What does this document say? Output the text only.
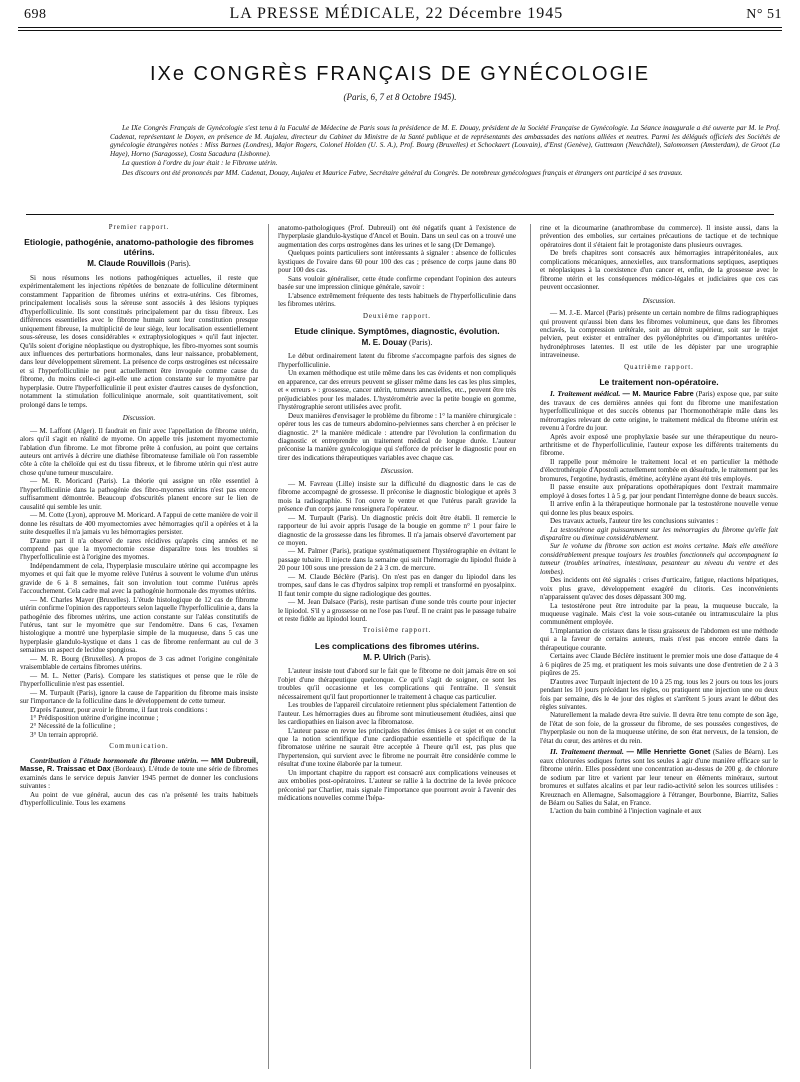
698	LA PRESSE MÉDICALE, 22 Décembre 1945	N° 51
IXe CONGRÈS FRANÇAIS DE GYNÉCOLOGIE
(Paris, 6, 7 et 8 Octobre 1945).

Le IXe Congrès Français de Gynécologie s'est tenu à la Faculté de Médecine de Paris sous la présidence de M. E. Douay, président de la Société Française de Gynécologie. La Séance inaugurale a été ouverte par M. le Prof. Cadenat, représentant le Doyen, en présence de M. Aujaleu, directeur du Cabinet du Ministre de la Santé publique et de représentants des ambassades des nations alliées et neutres. Parmi les délégués officiels des Sociétés de gynécologie étrangères notées : Miss Barnes (Londres), Major Rogers, Colonel Holden (U. S. A.), Prof. Bourg (Bruxelles) et Schockaert (Louvain), d'Enst (Genève), Guttmann (Neuchâtel), Salomonsen (Amsterdam), de Groot (La Haye), Horno (Saragosse), Costa Sacadura (Lisbonne).

La question à l'ordre du jour était : le Fibrome utérin.

Des discours ont été prononcés par MM. Cadenat, Douay, Aujaleu et Maurice Fabre, Secrétaire général du Congrès. De nombreux gynécologues français et étrangers ont participé à ses travaux.

Premier rapport.
Etiologie, pathogénie, anatomo-pathologie des fibromes utérins.
M. Claude Rouvillois (Paris).

Si nous résumons les notions pathogéniques actuelles, il reste que expérimentalement les injections répétées de benzoate de folliculine déterminent constamment l'apparition de fibromes utérins et extra-utérins. Ces fibromes, principalement localisés sous la séreuse sont associés à des lésions typiques d'hyperfolliculinie. Ils sont constitués principalement par du tissu fibreux. Les différences essentielles avec le fibrome humain sont leur constitution presque uniquement fibreuse, la multiplicité de leur siège, leur localisation essentiellement sous-séreuse, les doses considérables « extraphysiologiques » qu'il faut injecter. Qu'ils soient d'origine néoplastique ou dystrophique, les fibro-myomes sont soumis aux influences des perturbations hormonales, dans leur naissance, probablement, dans leur développement sûrement. La présence de corps œstrogènes est nécessaire et si l'hyperfolliculinie ne peut actuellement être invoquée comme cause du fibrome, du moins celle-ci agit-elle une action constante sur le myomètre par hyperplasie. Outre l'hyperfolliculinie il peut exister d'autres causes de dysfonction, notamment la stimulation folliculinique anormale, soit quantitativement, soit prolongé dans le temps.

Discussion.

— M. Laffont (Alger). Il faudrait en finir avec l'appellation de fibrome utérin, alors qu'il s'agit en réalité de myome. On appelle très justement myomectomie l'ablation d'un fibrome. Le mot fibrome prête à confusion, au point que certains auteurs ont arrivés à décrire une diathèse fibromateuse familiale où l'on rassemble côte à côte la chéloïde qui est du tissu fibreux, et le fibrome utérin qui n'est autre chose qu'une tumeur musculaire.

— M. R. Moricard (Paris). La théorie qui assigne un rôle essentiel à l'hyperfolliculinie dans la pathogénie des fibro-myomes utérins n'est pas encore suffisamment démontrée. Beaucoup d'obscurités planent encore sur le lien de causalité qui semble les unir.

— M. Cotte (Lyon), approuve M. Moricard. A l'appui de cette manière de voir il donne les résultats de 400 myomectomies avec hémorragies qu'il a opérées et à la suite desquelles il n'a jamais vu les hémorragies persister.

D'autre part il n'a observé de rares récidives qu'après cinq années et ne comprend pas que la myomectomie cesse disparaître tous les troubles si l'hyperfolliculinie est à l'origine des myomes.

Indépendamment de cela, l'hyperplasie musculaire utérine qui accompagne les myomes et qui fait que le myome relève l'utérus à souvent le volume d'un utérus gravide de 6 à 8 semaines, fait son involution tout comme l'utérus après l'accouchement. Cela cadre mal avec la pathogénie hormonale des myomes utérins.

— M. Charles Mayer (Bruxelles). L'étude histologique de 12 cas de fibrome utérin confirme l'opinion des rapporteurs selon laquelle l'hyperfolliculinie a, dans la pathogénie des fibromes utérins, une action constante sur l'aléas constitutifs de l'utérus, tant sur le myomètre que sur l'endomètre. Dans 6 cas, l'examen histologique a montré une hyperplasie simple de la muqueuse, dans 5 cas une hyperplasie glandulo-kystique et dans 1 cas de fibrome renfermant au cul de 3 semaines un aspect de lecidue spongiosa.

— M. R. Bourg (Bruxelles). A propos de 3 cas admet l'origine congénitale vraisemblable de certains fibromes utérins.

— M. L. Netter (Paris). Compare les statistiques et pense que le rôle de l'hyperfolliculinie n'est pas essentiel.

— M. Turpault (Paris), ignore la cause de l'apparition du fibrome mais insiste sur l'importance de la folliculine dans le développement de cette tumeur.

D'après l'auteur, pour avoir le fibrome, il faut trois conditions :

1° Prédisposition utérine d'origine inconnue ;

2° Nécessité de la folliculine ;

3° Un terrain approprié.

Communication.

Contribution à l'étude hormonale du fibrome utérin. — MM Dubreuil, Masse, R. Traissac et Dax (Bordeaux). L'étude de toute une série de fibromes examinés dans le service depuis Janvier 1945 permet de donner les conclusions suivantes :

Au point de vue général, aucun des cas n'a présenté les traits habituels d'hyperfolliculinie. Tous les examens

anatomo-pathologiques (Prof. Dubreuil) ont été négatifs quant à l'existence de l'hyperplasie glandulo-kystique d'Ancel et Bouin. Dans un seul cas on a trouvé une augmentation des corps œstrogènes dans les urines et le sang (Dr Demange).

Quelques points particuliers sont intéressants à signaler : absence de follicules kystiques de l'ovaire dans 60 pour 100 des cas ; présence de corps jaune dans 80 pour 100 des cas.

Sans vouloir généraliser, cette étude confirme cependant l'opinion des auteurs basée sur une impression clinique générale, savoir :

L'absence extrêmement fréquente des tests habituels de l'hyperfolliculinie dans les fibromes utérins.

Deuxième rapport.
Etude clinique. Symptômes, diagnostic, évolution.
M. E. Douay (Paris).

Le début ordinairement latent du fibrome s'accompagne parfois des signes de l'hyperfolliculinie.

Un examen méthodique est utile même dans les cas évidents et non compliqués en apparence, car des erreurs peuvent se glisser même dans les cas les plus simples, et « erreurs » : grossesse, cancer utérin, tumeurs annexielles, etc., peuvent être très préjudiciables pour les malades. L'hystérométrie avec la petite bougie en gomme, l'hystérographie seront utilisées avec profit.

Deux manières d'envisager le problème du fibrome : 1° la manière chirurgicale : opérer tous les cas de tumeurs abdomino-pelviennes sans chercher à en préciser le diagnostic. 2° la manière médicale : attendre par l'évolution la confirmation du diagnostic et entreprendre un traitement médical de longue durée. L'auteur préconise la manière gynécologique qui s'efforce de préciser le diagnostic pour en tirer des indications thérapeutiques variables avec chaque cas.

Discussion.

— M. Favreau (Lille) insiste sur la difficulté du diagnostic dans le cas de fibrome accompagné de grossesse. Il préconise le diagnostic biologique et après 3 mois la radiographie. Si l'on ouvre le ventre et que l'utérus paraît gravide la présence d'un corps jaune renseignera l'opérateur.

— M. Turpault (Paris). Un diagnostic précis doit être établi. Il remercie le rapporteur de lui avoir appris l'usage de la bougie en gomme n° 1 pour faire le diagnostic de la grossesse dans les fibromes. Il n'a jamais observé d'avortement par ce moyen.

— M. Palmer (Paris), pratique systématiquement l'hystérographie en évitant le passage tubaire. Il injecte dans la semaine qui suit l'hémorragie du lipiodol fluide à 20 pour 100 sous une pression de 2 à 3 cm. de mercure.

— M. Claude Béclère (Paris). On n'est pas en danger du lipiodol dans les trompes, sauf dans le cas d'hydros salpinx trop rempli et transformé en pyosalpinx. Il faut tenir compte du signe radiologique des gouttes.

— M. Jean Dalsace (Paris), reste partisan d'une sonde très courte pour injecter le lipiodol. S'il y a grossesse on ne l'ose pas l'œuf. Il ne craint pas le passage tubaire et reste fidèle au lipiodol lourd.

Troisième rapport.
Les complications des fibromes utérins.
M. P. Ulrich (Paris).

L'auteur insiste tout d'abord sur le fait que le fibrome ne doit jamais être en soi l'objet d'une thérapeutique quelconque. Ce qu'il s'agit de soigner, ce sont les troubles qu'il occasionne et les complications qui l'entraîne. Il s'ensuit nécessairement qu'il faut proportionner le traitement à chaque cas particulier.

Les troubles de l'appareil circulatoire retiennent plus spécialement l'attention de l'auteur. Les hémorragies dues au fibrome sont minutieusement étudiées, ainsi que les cardiopathies en liaison avec la fibromatose.

L'auteur passe en revue les principales théories émises à ce sujet et en conclut que la notion scientifique d'une cardiopathie essentielle et spécifique de la fibromatose utérine ne saurait être acceptée à l'heure qu'il est, pas plus que l'hypertension, qui survient avec le fibrome ne pourrait être considérée comme le résultat d'une toxine élaborée par la tumeur.

Un important chapitre du rapport est consacré aux complications veineuses et aux embolies post-opératoires. L'auteur se rallie à la doctrine de la levée précoce préconisé par Charlier, mais signale l'importance que pourront avoir à l'avenir des médications nouvelles comme l'hépa-

rine et la dicoumarine (anathrombase du commerce). Il insiste aussi, dans la prévention des embolies, sur certaines précautions de tactique et de technique opératoires dont il s'étaient fait le protagoniste dans plusieurs ouvrages.

De brefs chapitres sont consacrés aux hémorragies intrapéritonéales, aux complications mécaniques, annexielles, aux transformations septiques, aseptiques et néoplasiques à la coexistence d'un cancer et, enfin, de la grossesse avec le fibrome utérin et les conséquences médico-légales et judiciaires que ces cas peuvent occasionner.

Discussion.

— M. J.-E. Marcel (Paris) présente un certain nombre de films radiographiques qui prouvent qu'aussi bien dans les fibromes volumineux, que dans les fibromes enclavés, la compression urétérale, soit au détroit supérieur, soit sur le trajet pelvien, peut exister et entraîner des pyélonéphrites ou d'importantes urétéro-hydronéphroses latentes. Il est utile de les dépister par une urographie intraveineuse.

Quatrième rapport.
Le traitement non-opératoire.

I. Traitement médical. — M. Maurice Fabre (Paris) expose que, par suite des travaux de ces dernières années qui font du fibrome une manifestation hyperfolliculinique et des succès obtenus par l'hormonothérapie mâle dans les métrorragies relevant de cette origine, le traitement médical du fibrome utérin est revenu à l'ordre du jour.

Après avoir exposé une prophylaxie basée sur une thérapeutique du neuro-arthritisme et de l'hyperfolliculinie, l'auteur expose les différents traitements du fibrome.

Il rappelle pour mémoire le traitement local et en particulier la méthode d'électrothérapie d'Apostoli actuellement tombée en désuétude, le traitement par les bromures, l'ergotine, hydrastis, émétine, acétylène ayant été très employés.

Il passe ensuite aux préparations opothérapiques dont l'extrait mammaire employé à doses fortes 1 à 5 g. par jour pendant l'interrègne donne de beaux succès.

Il arrive enfin à la thérapeutique hormonale par la testostérone nouvelle venue qui donne les plus beaux espoirs.

Des travaux actuels, l'auteur tire les conclusions suivantes :

La testostérone agit puissamment sur les ménorragies du fibrome qu'elle fait disparaître ou diminue considérablement.

Sur le volume du fibrome son action est moins certaine. Mais elle améliore considérablement presque toujours les troubles fonctionnels qui accompagnent la tumeur (troubles urinaires, intestinaux, pesanteur au niveau du ventre et des lombes).

Des incidents ont été signalés : crises d'urticaire, fatigue, réactions hépatiques, voix plus grave, développement exagéré du clitoris. Ces inconvénients n'apparaissent qu'avec des doses dépassant 300 mg.

La testostérone peut être introduite par la peau, la muqueuse buccale, la muqueuse vaginale. Mais c'est la voie sous-cutanée ou intramusculaire la plus communément employée.

L'implantation de cristaux dans le tissu graisseux de l'abdomen est une méthode qui a la faveur de certains auteurs, mais n'est pas encore entrée dans la thérapeutique courante.

Certains avec Claude Béclère instituent le premier mois une dose d'attaque de 4 à 6 piqûres de 25 mg. et pratiquent les mois suivants une dose d'entretien de 2 à 3 piqûres de 25.

D'autres avec Turpault injectent de 10 à 25 mg. tous les 2 jours ou tous les jours pendant les 10 jours précédant les règles, ou pratiquent une injection une ou deux fois par semaine, dès le 4e jour des règles et s'arrêtent 5 jours avant le début des règles suivantes.

Naturellement la malade devra être suivie. Il devra être tenu compte de son âge, de l'état de son foie, de la grosseur du fibrome, de ses poussées congestives, de l'hyperplasie ou non de la muqueuse utérine, de son état nerveux, de la tension, de l'état du cœur, des artères et du rein.

II. Traitement thermal. — Mlle Henriette Gonet (Salies de Béarn). Les eaux chlorurées sodiques fortes sont les seules à agir d'une manière efficace sur le fibrome utérin. Elles possèdent une concentration au-dessus de 200 g. de chlorure de sodium par litre et varient par leur teneur en éléments minéraux, surtout bromures et sulfates alcalins et par leur radio-activité selon les sources utilisées : Kreuznach en Allemagne, Salsomaggiore à l'étranger, Bourbonne, Biarritz, Salies de Béarn ou Salies du Salat, en France.

L'action du bain combiné à l'injection vaginale et aux
